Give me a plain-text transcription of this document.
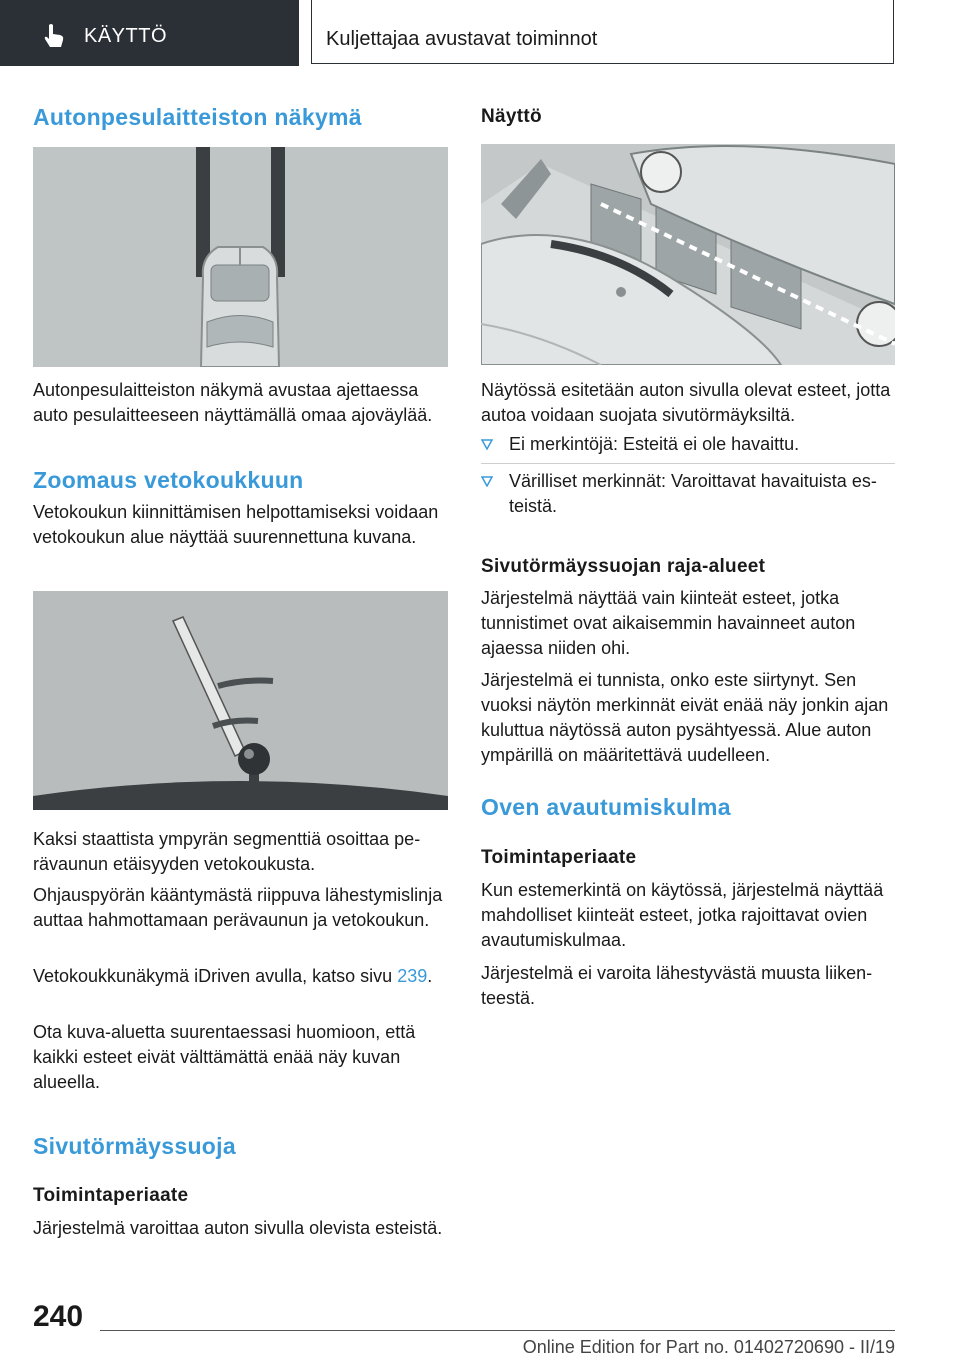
KÄYTTÖ	Kuljettajaa avustavat toiminnot
Autonpesulaitteiston näkymä

Autonpesulaitteiston näkymä avustaa ajettaessa auto pesulaitteeseen näyttämällä omaa ajoväylää.

Zoomaus vetokoukkuun

Vetokoukun kiinnittämisen helpottamiseksi voidaan vetokoukun alue näyttää suurennettuna kuvana.

Kaksi staattista ympyrän segmenttiä osoittaa perävaunun etäisyyden vetokoukusta.

Ohjauspyörän kääntymästä riippuva lähestymislinja auttaa hahmottamaan perävaunun ja vetokoukun.

Vetokoukkunäkymä iDriven avulla, katso sivu 239.

Ota kuva-aluetta suurentaessasi huomioon, että kaikki esteet eivät välttämättä enää näy kuvan alueella.

Sivutörmäyssuoja
Toimintaperiaate

Järjestelmä varoittaa auton sivulla olevista esteistä.

Näyttö

Näytössä esitetään auton sivulla olevat esteet, jotta autoa voidaan suojata sivutörmäyksiltä.

Ei merkintöjä: Esteitä ei ole havaittu.

Värilliset merkinnät: Varoittavat havaituista esteistä.

Sivutörmäyssuojan raja-alueet

Järjestelmä näyttää vain kiinteät esteet, jotka tunnistimet ovat aikaisemmin havainneet auton ajaessa niiden ohi.

Järjestelmä ei tunnista, onko este siirtynyt. Sen vuoksi näytön merkinnät eivät enää näy jonkin ajan kuluttua näytössä auton pysähtyessä. Alue auton ympärillä on määritettävä uudelleen.

Oven avautumiskulma
Toimintaperiaate

Kun estemerkintä on käytössä, järjestelmä näyttää mahdolliset kiinteät esteet, jotka rajoittavat ovien avautumiskulmaa.

Järjestelmä ei varoita lähestyvästä muusta liikenteestä.

240
Online Edition for Part no. 01402720690 - II/19
